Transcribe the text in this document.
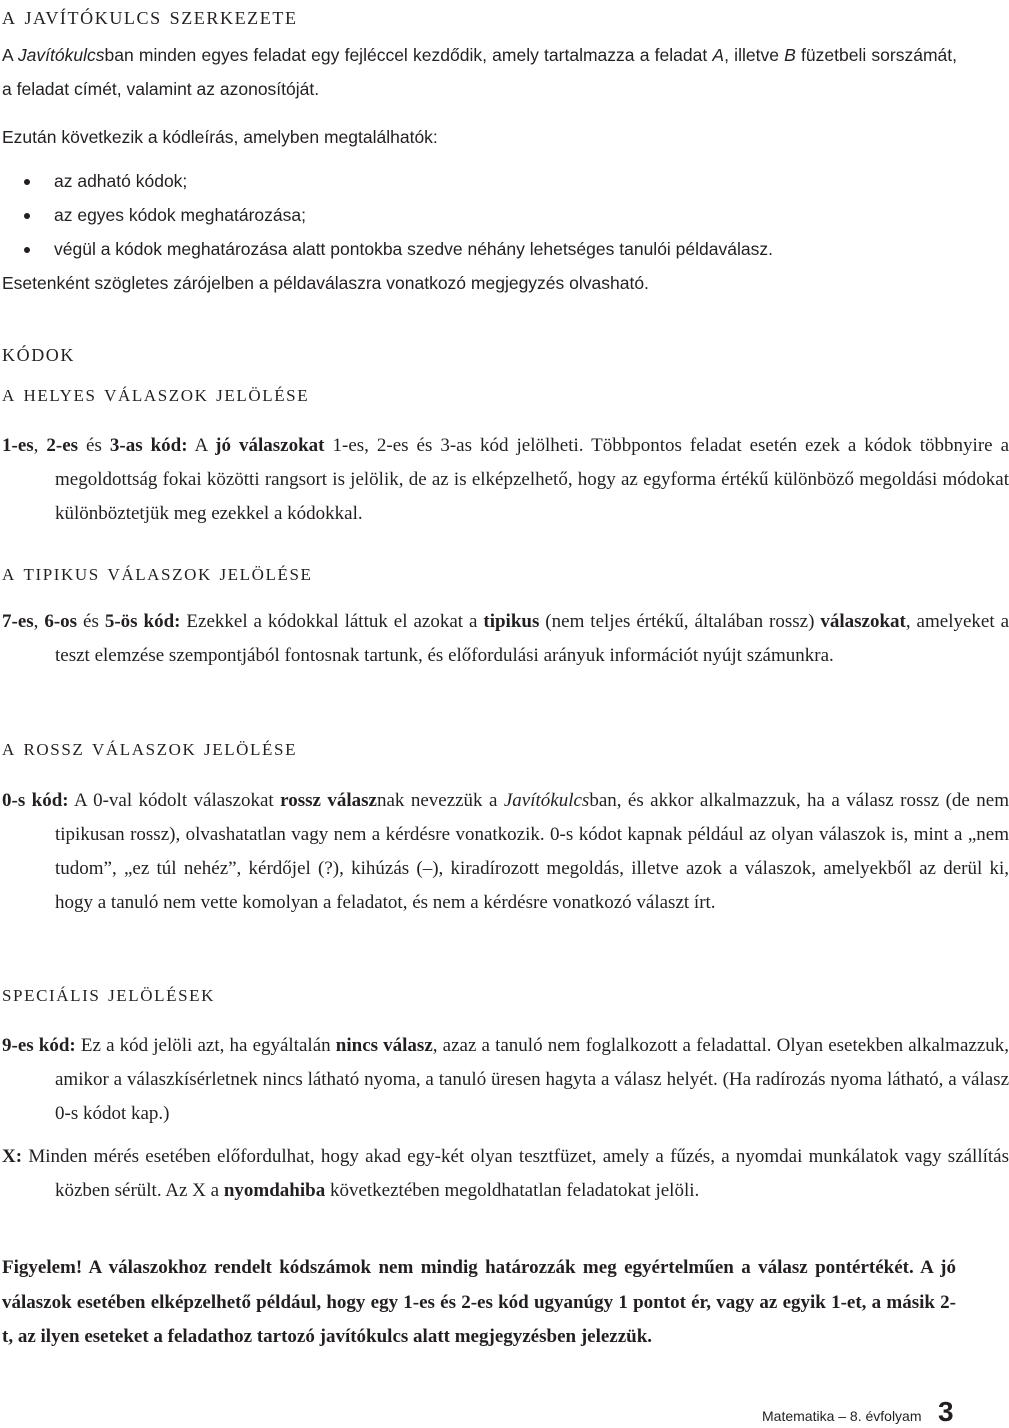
a javítókulcs szerkezete
A Javítókulcsban minden egyes feladat egy fejléccel kezdődik, amely tartalmazza a feladat A, illetve B füzetbeli sorszámát, a feladat címét, valamint az azonosítóját.
Ezután következik a kódleírás, amelyben megtalálhatók:
az adható kódok;
az egyes kódok meghatározása;
végül a kódok meghatározása alatt pontokba szedve néhány lehetséges tanulói példaválasz.
Esetenként szögletes zárójelben a példaválaszra vonatkozó megjegyzés olvasható.
kódok
a helyes válaszok jelölése
1-es, 2-es és 3-as kód: A jó válaszokat 1-es, 2-es és 3-as kód jelölheti. Többpontos feladat esetén ezek a kódok többnyire a megoldottság fokai közötti rangsort is jelölik, de az is elképzelhető, hogy az egyforma értékű különböző megoldási módokat különböztetjük meg ezekkel a kódokkal.
a tipikus válaszok jelölése
7-es, 6-os és 5-ös kód: Ezekkel a kódokkal láttuk el azokat a tipikus (nem teljes értékű, általában rossz) válaszokat, amelyeket a teszt elemzése szempontjából fontosnak tartunk, és előfordulási arányuk információt nyújt számunkra.
a rossz válaszok jelölése
0-s kód: A 0-val kódolt válaszokat rossz válasznak nevezzük a Javítókulcsban, és akkor alkalmazzuk, ha a válasz rossz (de nem tipikusan rossz), olvashatatlan vagy nem a kérdésre vonatkozik. 0-s kódot kapnak például az olyan válaszok is, mint a „nem tudom”, „ez túl nehéz”, kérdőjel (?), kihúzás (–), kiradírozott megoldás, illetve azok a válaszok, amelyekből az derül ki, hogy a tanuló nem vette komolyan a feladatot, és nem a kérdésre vonatkozó választ írt.
speciális jelölések
9-es kód: Ez a kód jelöli azt, ha egyáltalán nincs válasz, azaz a tanuló nem foglalkozott a feladattal. Olyan esetekben alkalmazzuk, amikor a válaszkísérletnek nincs látható nyoma, a tanuló üresen hagyta a válasz helyét. (Ha radírozás nyoma látható, a válasz 0-s kódot kap.)
X: Minden mérés esetében előfordulhat, hogy akad egy-két olyan tesztfüzet, amely a fűzés, a nyomdai munkálatok vagy szállítás közben sérült. Az X a nyomdahiba következtében megoldhatatlan feladatokat jelöli.
Figyelem! A válaszokhoz rendelt kódszámok nem mindig határozzák meg egyértelműen a válasz pontértékét. A jó válaszok esetében elképzelhető például, hogy egy 1-es és 2-es kód ugyanúgy 1 pontot ér, vagy az egyik 1-et, a másik 2-t, az ilyen eseteket a feladathoz tartozó javítókulcs alatt megjegyzésben jelezzük.
Matematika – 8. évfolyam 3
